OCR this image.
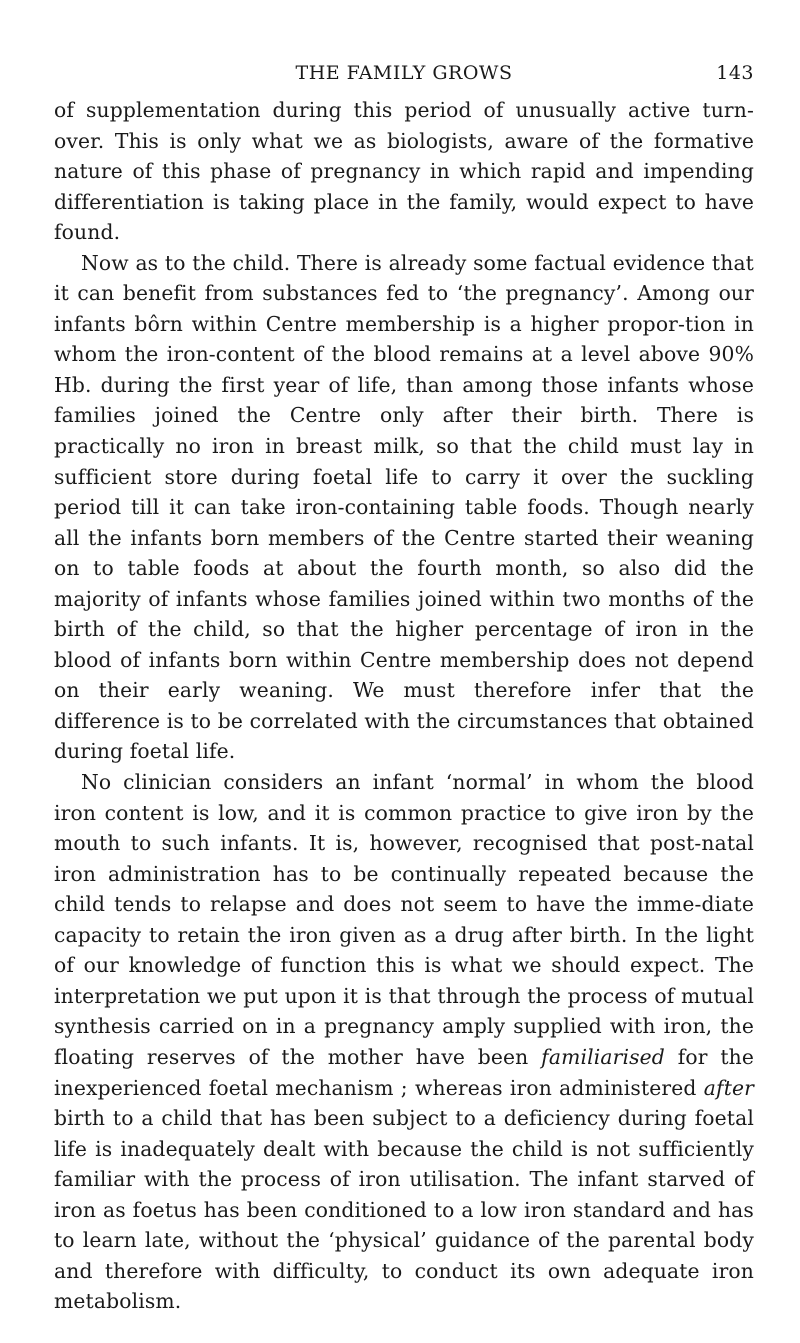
THE FAMILY GROWS	143

of supplementation during this period of unusually active turn-over. This is only what we as biologists, aware of the formative nature of this phase of pregnancy in which rapid and impending differentiation is taking place in the family, would expect to have found.

Now as to the child. There is already some factual evidence that it can benefit from substances fed to ‘the pregnancy’. Among our infants bôrn within Centre membership is a higher propor-tion in whom the iron-content of the blood remains at a level above 90% Hb. during the first year of life, than among those infants whose families joined the Centre only after their birth. There is practically no iron in breast milk, so that the child must lay in sufficient store during foetal life to carry it over the suckling period till it can take iron-containing table foods. Though nearly all the infants born members of the Centre started their weaning on to table foods at about the fourth month, so also did the majority of infants whose families joined within two months of the birth of the child, so that the higher percentage of iron in the blood of infants born within Centre membership does not depend on their early weaning. We must therefore infer that the difference is to be correlated with the circumstances that obtained during foetal life.

No clinician considers an infant ‘normal’ in whom the blood iron content is low, and it is common practice to give iron by the mouth to such infants. It is, however, recognised that post-natal iron administration has to be continually repeated because the child tends to relapse and does not seem to have the imme-diate capacity to retain the iron given as a drug after birth. In the light of our knowledge of function this is what we should expect. The interpretation we put upon it is that through the process of mutual synthesis carried on in a pregnancy amply supplied with iron, the floating reserves of the mother have been familiarised for the inexperienced foetal mechanism ; whereas iron administered after birth to a child that has been subject to a deficiency during foetal life is inadequately dealt with because the child is not sufficiently familiar with the process of iron utilisation. The infant starved of iron as foetus has been conditioned to a low iron standard and has to learn late, without the ‘physical’ guidance of the parental body and therefore with difficulty, to conduct its own adequate iron metabolism.
